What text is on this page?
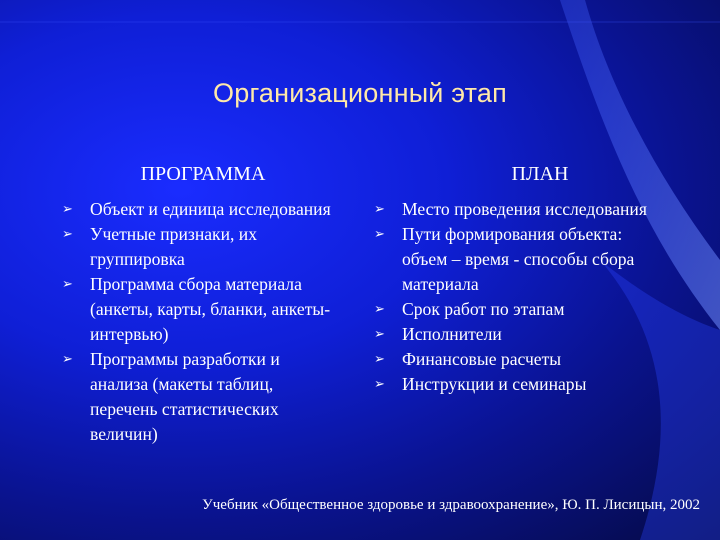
Организационный этап
ПРОГРАММА	ПЛАН
➢ Объект и единица исследования
➢ Учетные признаки, их группировка
➢ Программа сбора материала (анкеты, карты, бланки, анкеты-интервью)
➢ Программы разработки и анализа (макеты таблиц, перечень статистических величин)
➢ Место проведения исследования
➢ Пути формирования объекта: объем – время - способы сбора материала
➢ Срок работ по этапам
➢ Исполнители
➢ Финансовые расчеты
➢ Инструкции и семинары
Учебник «Общественное здоровье и здравоохранение», Ю. П. Лисицын, 2002
